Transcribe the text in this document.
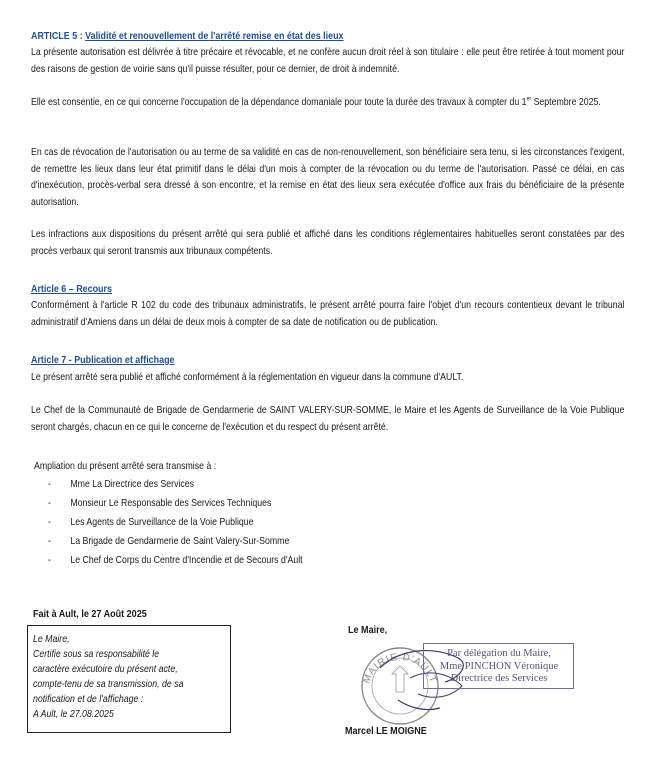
ARTICLE 5 : Validité et renouvellement de l'arrêté remise en état des lieux

La présente autorisation est délivrée à titre précaire et révocable, et ne confère aucun droit réel à son titulaire : elle peut être retirée à tout moment pour des raisons de gestion de voirie sans qu'il puisse résulter, pour ce dernier, de droit à indemnité.

Elle est consentie, en ce qui concerne l'occupation de la dépendance domaniale pour toute la durée des travaux à compter du 1er Septembre 2025.

En cas de révocation de l'autorisation ou au terme de sa validité en cas de non-renouvellement, son bénéficiaire sera tenu, si les circonstances l'exigent, de remettre les lieux dans leur état primitif dans le délai d'un mois à compter de la révocation ou du terme de l'autorisation. Passé ce délai, en cas d'inexécution, procès-verbal sera dressé à son encontre, et la remise en état des lieux sera exécutée d'office aux frais du bénéficiaire de la présente autorisation.

Les infractions aux dispositions du présent arrêté qui sera publié et affiché dans les conditions réglementaires habituelles seront constatées par des procès verbaux qui seront transmis aux tribunaux compétents.

Article 6 – Recours

Conformément à l'article R 102 du code des tribunaux administratifs, le présent arrêté pourra faire l'objet d'un recours contentieux devant le tribunal administratif d'Amiens dans un délai de deux mois à compter de sa date de notification ou de publication.

Article 7 - Publication et affichage

Le présent arrêté sera publié et affiché conformément à la réglementation en vigueur dans la commune d'AULT.

Le Chef de la Communauté de Brigade de Gendarmerie de SAINT VALERY-SUR-SOMME, le Maire et les Agents de Surveillance de la Voie Publique seront chargés, chacun en ce qui le concerne de l'exécution et du respect du présent arrêté.

Ampliation du présent arrêté sera transmise à :

- Mme La Directrice des Services
- Monsieur Le Responsable des Services Techniques
- Les Agents de Surveillance de la Voie Publique
- La Brigade de Gendarmerie de Saint Valery-Sur-Somme
- Le Chef de Corps du Centre d'Incendie et de Secours d'Ault
Fait à Ault, le 27 Août 2025
Le Maire,
Certifie sous sa responsabilité le
caractère exécutoire du présent acte,
compte-tenu de sa transmission, de sa
notification et de l'affichage :
A Ault, le 27.08.2025
Le Maire,
MAIRIE D'AULT
Par délégation du Maire,
Mme PINCHON Véronique
Directrice des Services
Marcel LE MOIGNE
